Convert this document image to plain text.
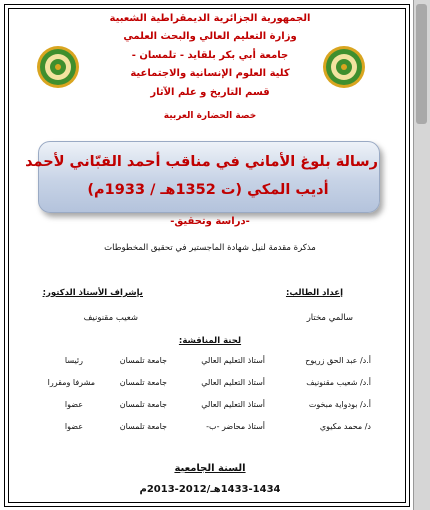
الجمهورية الجزائرية الديمقراطية الشعبية
وزارة التعليم العالي والبحث العلمي
جامعة أبي بكر بلقايد - تلمسان -
كلية العلوم الإنسانية والاجتماعية
قسم التاريخ و علم الآثار
خصة الحضارة العربية
رسالة بلوغ الأماني في مناقب أحمد القبّاني لأحمد
أديب المكي (ت 1352هـ / 1933م)
-دراسة وتحقيق-
مذكرة مقدمة لنيل شهادة الماجستير في تحقيق المخطوطات
إعداد الطالب:
بإشراف الأستاذ الدكتور:
سالمي مختار
شعيب مقنونيف
لجنة المناقشة:
أ.د/ عبد الحق زريوح
أستاذ التعليم العالي
جامعة تلمسان
رئيسا
أ.د/ شعيب مقنونيف
أستاذ التعليم العالي
جامعة تلمسان
مشرفا ومقررا
أ.د/ بودواية مبخوت
أستاذ التعليم العالي
جامعة تلمسان
عضوا
د/ محمد مكيوي
أستاذ محاضر -ب-
جامعة تلمسان
عضوا
السنة الجامعية
1433-1434هـ/2012-2013م
